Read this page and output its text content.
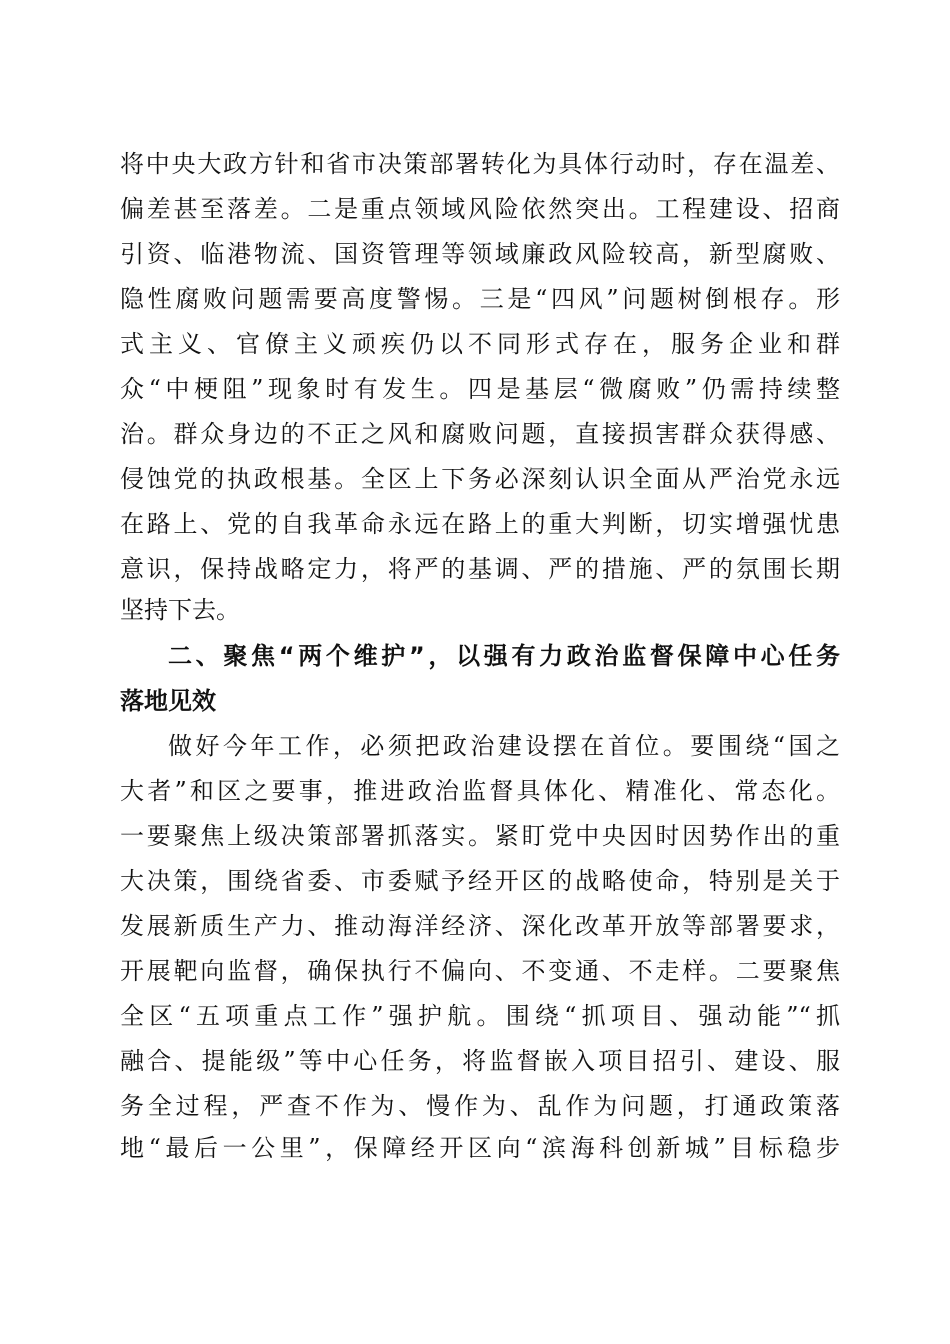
将中央大政方针和省市决策部署转化为具体行动时，存在温差、
偏差甚至落差。二是重点领域风险依然突出。工程建设、招商
引资、临港物流、国资管理等领域廉政风险较高，新型腐败、
隐性腐败问题需要高度警惕。三是“四风”问题树倒根存。形
式主义、官僚主义顽疾仍以不同形式存在，服务企业和群
众“中梗阻”现象时有发生。四是基层“微腐败”仍需持续整
治。群众身边的不正之风和腐败问题，直接损害群众获得感、
侵蚀党的执政根基。全区上下务必深刻认识全面从严治党永远
在路上、党的自我革命永远在路上的重大判断，切实增强忧患
意识，保持战略定力，将严的基调、严的措施、严的氛围长期
坚持下去。
二、聚焦“两个维护”，以强有力政治监督保障中心任务
落地见效
做好今年工作，必须把政治建设摆在首位。要围绕“国之
大者”和区之要事，推进政治监督具体化、精准化、常态化。
一要聚焦上级决策部署抓落实。紧盯党中央因时因势作出的重
大决策，围绕省委、市委赋予经开区的战略使命，特别是关于
发展新质生产力、推动海洋经济、深化改革开放等部署要求，
开展靶向监督，确保执行不偏向、不变通、不走样。二要聚焦
全区“五项重点工作”强护航。围绕“抓项目、强动能”“抓
融合、提能级”等中心任务，将监督嵌入项目招引、建设、服
务全过程，严查不作为、慢作为、乱作为问题，打通政策落
地“最后一公里”，保障经开区向“滨海科创新城”目标稳步
